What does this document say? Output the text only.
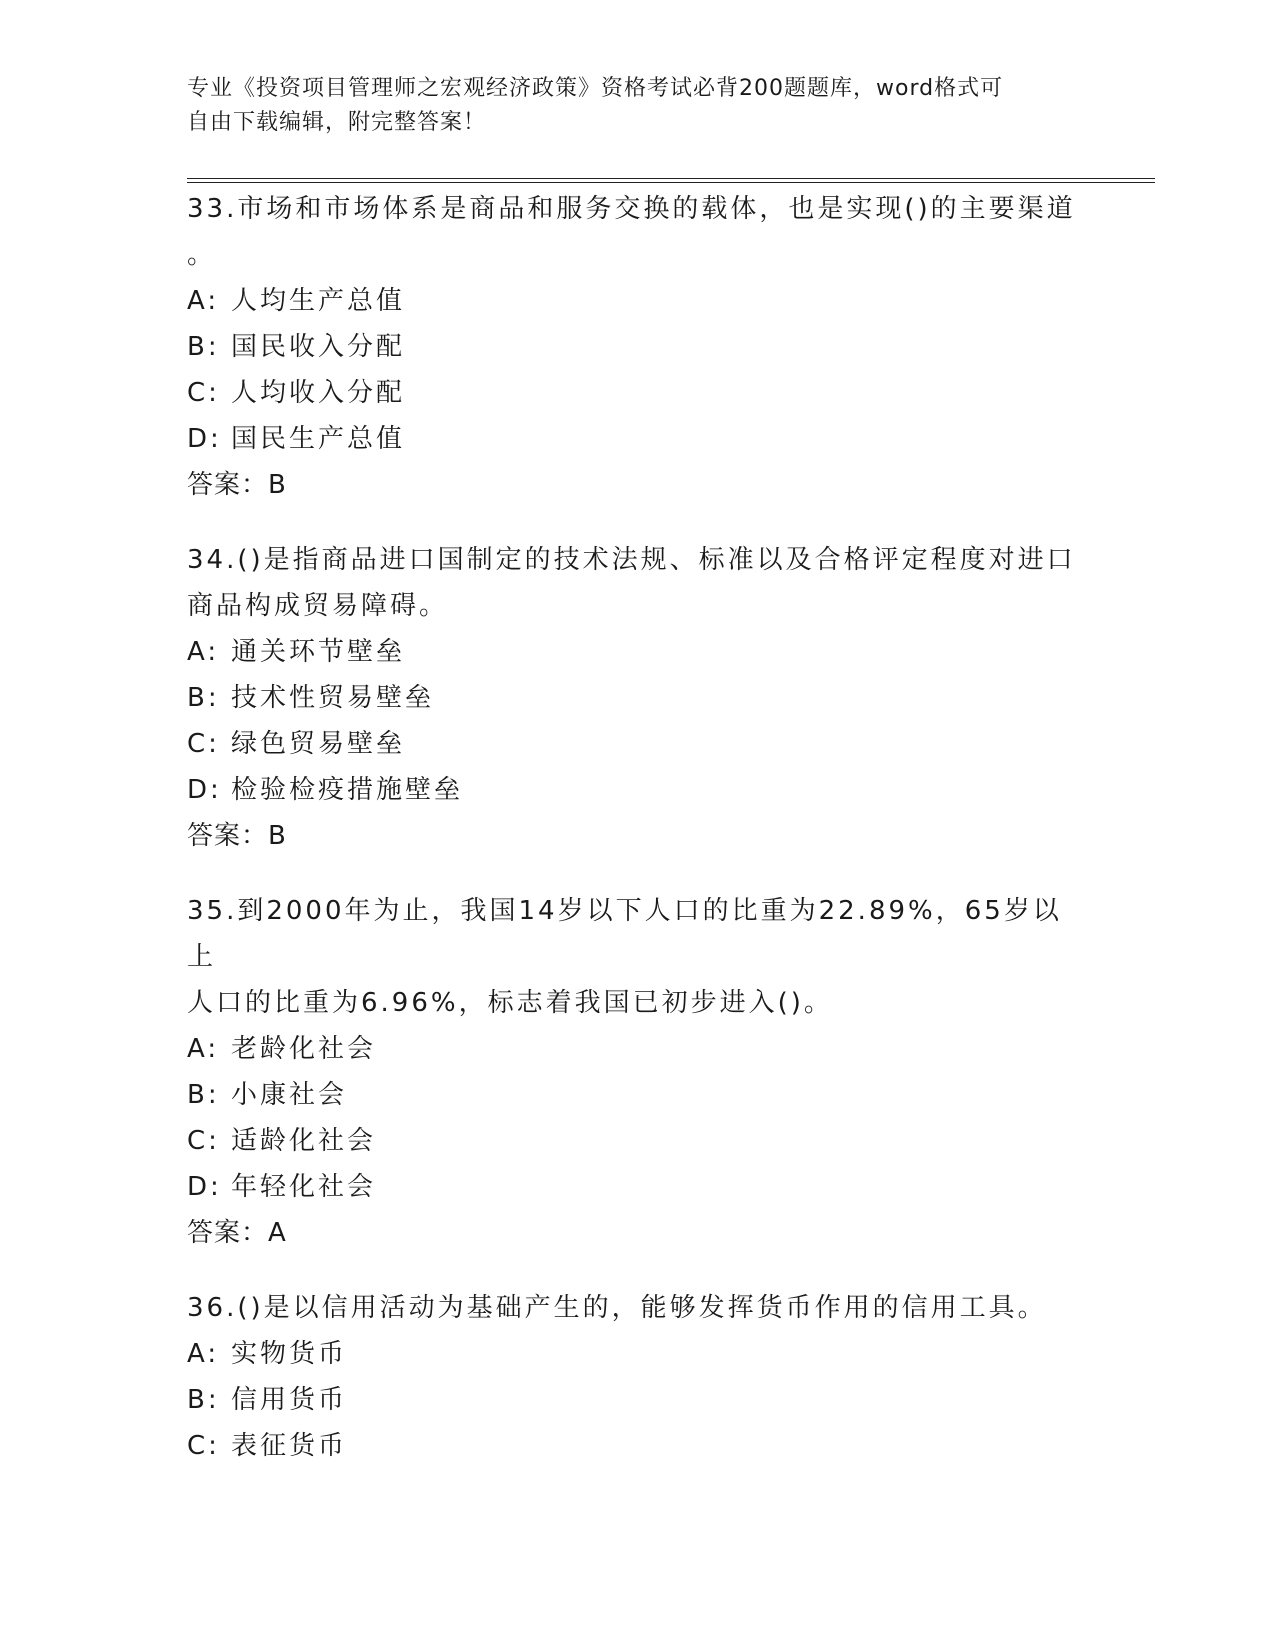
专业《投资项目管理师之宏观经济政策》资格考试必背200题题库，word格式可
自由下载编辑，附完整答案！

33.市场和市场体系是商品和服务交换的载体，也是实现()的主要渠道

。

A: 人均生产总值

B: 国民收入分配

C: 人均收入分配

D: 国民生产总值

答案：B

34.()是指商品进口国制定的技术法规、标准以及合格评定程度对进口

商品构成贸易障碍。

A: 通关环节壁垒

B: 技术性贸易壁垒

C: 绿色贸易壁垒

D: 检验检疫措施壁垒

答案：B

35.到2000年为止，我国14岁以下人口的比重为22.89%，65岁以上

人口的比重为6.96%，标志着我国已初步进入()。

A: 老龄化社会

B: 小康社会

C: 适龄化社会

D: 年轻化社会

答案：A

36.()是以信用活动为基础产生的，能够发挥货币作用的信用工具。

A: 实物货币

B: 信用货币

C: 表征货币
